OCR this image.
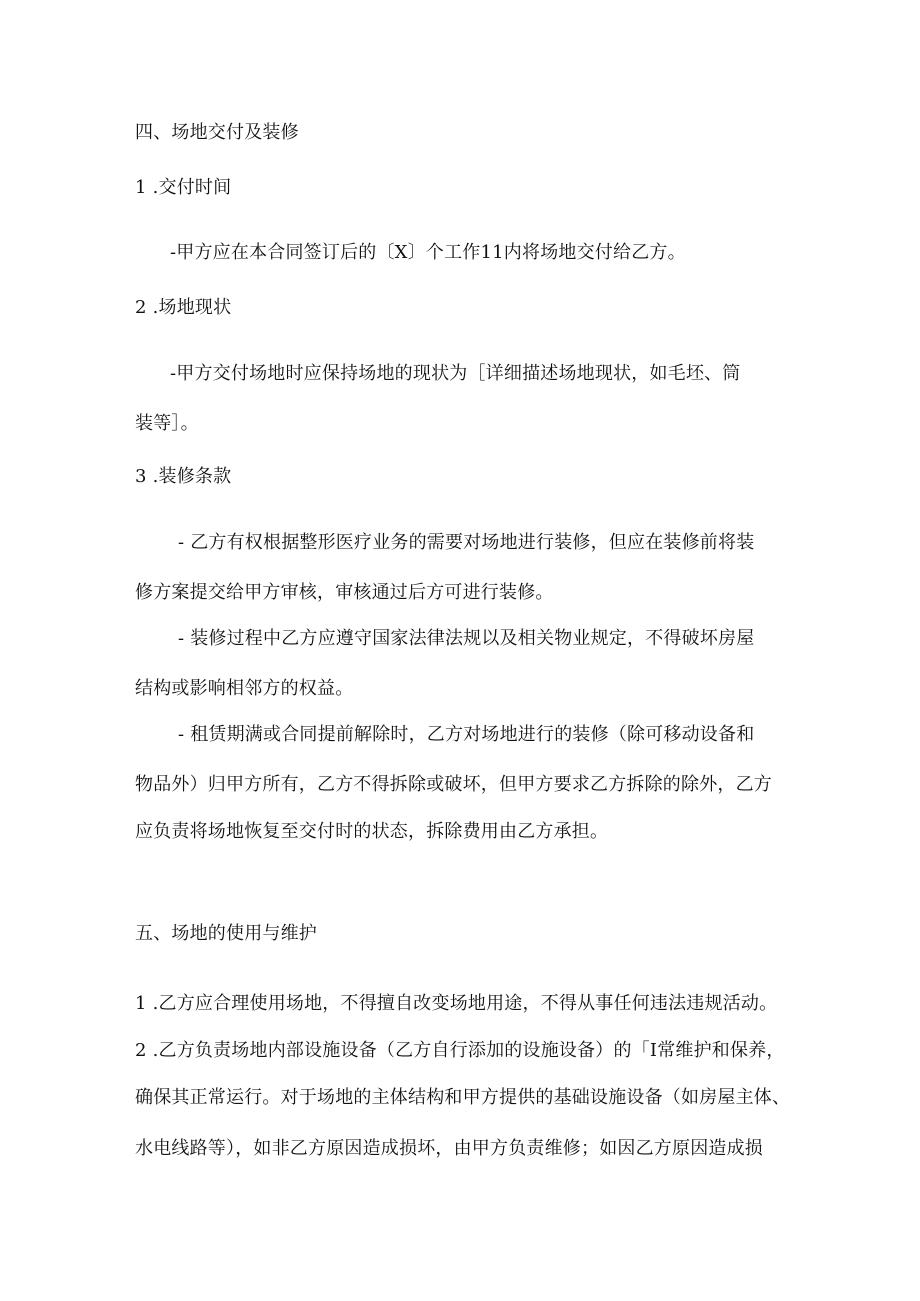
四、场地交付及装修
1 .交付时间
-甲方应在本合同签订后的〔X〕个工作11内将场地交付给乙方。
2 .场地现状
-甲方交付场地时应保持场地的现状为［详细描述场地现状，如毛坯、筒
装等］。
3 .装修条款
- 乙方有权根据整形医疗业务的需要对场地进行装修，但应在装修前将装
修方案提交给甲方审核，审核通过后方可进行装修。
- 装修过程中乙方应遵守国家法律法规以及相关物业规定，不得破坏房屋
结构或影响相邻方的权益。
- 租赁期满或合同提前解除时，乙方对场地进行的装修（除可移动设备和
物品外）归甲方所有，乙方不得拆除或破坏，但甲方要求乙方拆除的除外，乙方
应负责将场地恢复至交付时的状态，拆除费用由乙方承担。
五、场地的使用与维护
1 .乙方应合理使用场地，不得擅自改变场地用途，不得从事任何违法违规活动。
2 .乙方负责场地内部设施设备（乙方自行添加的设施设备）的「I常维护和保养，
确保其正常运行。对于场地的主体结构和甲方提供的基础设施设备（如房屋主体、
水电线路等），如非乙方原因造成损坏，由甲方负责维修；如因乙方原因造成损
